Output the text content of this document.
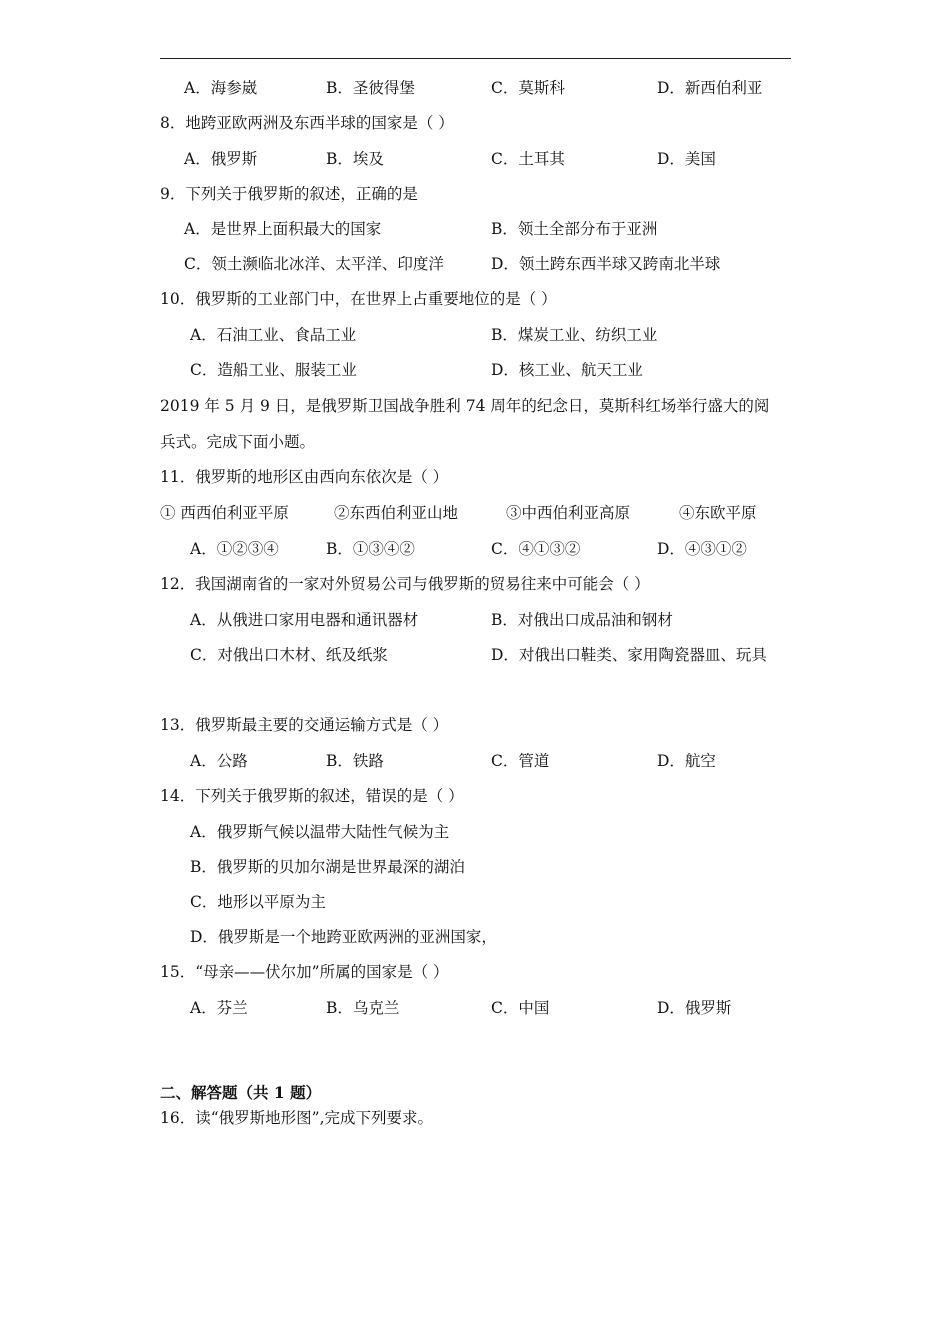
A．海参崴	B．圣彼得堡	C．莫斯科	D．新西伯利亚
8．地跨亚欧两洲及东西半球的国家是（ ）
A．俄罗斯	B．埃及	C．土耳其	D．美国
9．下列关于俄罗斯的叙述，正确的是
A．是世界上面积最大的国家	B．领土全部分布于亚洲
C．领土濒临北冰洋、太平洋、印度洋	D．领土跨东西半球又跨南北半球
10．俄罗斯的工业部门中，在世界上占重要地位的是（ ）
A．石油工业、食品工业	B．煤炭工业、纺织工业
C．造船工业、服装工业	D．核工业、航天工业
2019 年 5 月 9 日，是俄罗斯卫国战争胜利 74 周年的纪念日，莫斯科红场举行盛大的阅
兵式。完成下面小题。
11．俄罗斯的地形区由西向东依次是（ ）
① 西西伯利亚平原	②东西伯利亚山地	③中西伯利亚高原	④东欧平原
A．①②③④	B．①③④②	C．④①③②	D．④③①②
12．我国湖南省的一家对外贸易公司与俄罗斯的贸易往来中可能会（ ）
A．从俄进口家用电器和通讯器材	B．对俄出口成品油和钢材
C．对俄出口木材、纸及纸浆	D．对俄出口鞋类、家用陶瓷器皿、玩具
13．俄罗斯最主要的交通运输方式是（ ）
A．公路	B．铁路	C．管道	D．航空
14．下列关于俄罗斯的叙述，错误的是（ ）
A．俄罗斯气候以温带大陆性气候为主
B．俄罗斯的贝加尔湖是世界最深的湖泊
C．地形以平原为主
D．俄罗斯是一个地跨亚欧两洲的亚洲国家，
15．“母亲——伏尔加”所属的国家是（ ）
A．芬兰	B．乌克兰	C．中国	D．俄罗斯
二、解答题（共 1 题）
16．读“俄罗斯地形图”,完成下列要求。
